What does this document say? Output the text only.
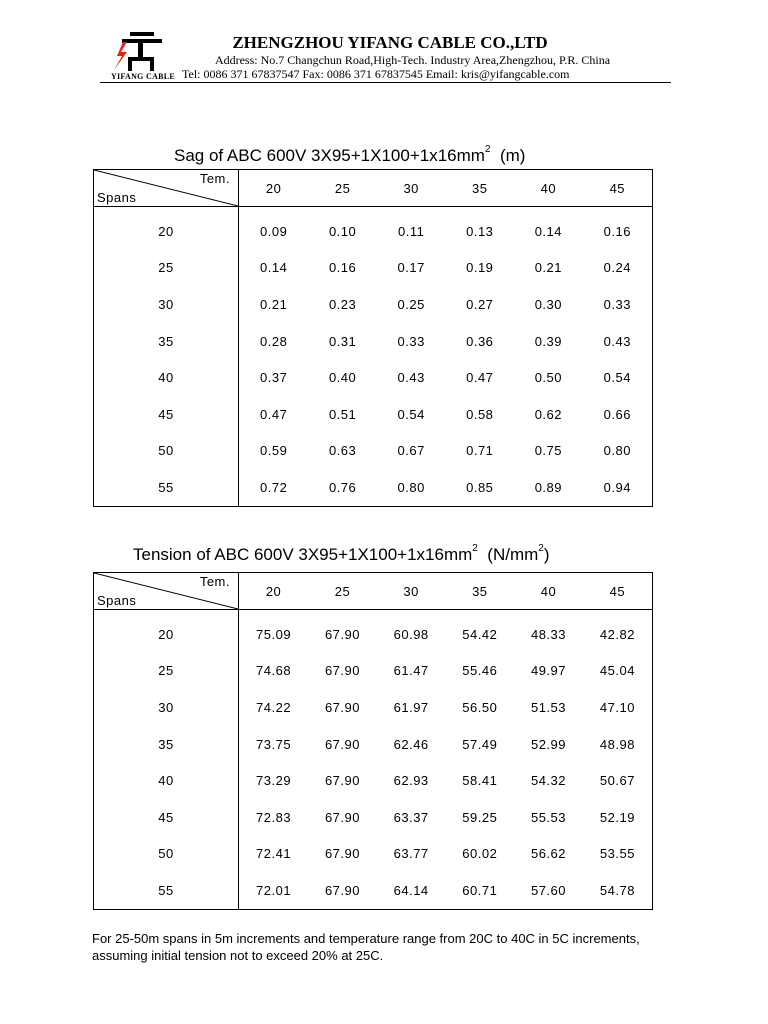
YIFANG CABLE
ZHENGZHOU YIFANG CABLE CO.,LTD
Address: No.7 Changchun Road,High-Tech. Industry Area,Zhengzhou, P.R. China
Tel: 0086 371 67837547 Fax: 0086 371 67837545 Email: kris@yifangcable.com
Sag of ABC 600V $3X95+1X100+1x16mm^2$  (m)
Tem.
Spans	20	25	30	35	40	45
20	0.09	0.10	0.11	0.13	0.14	0.16
25	0.14	0.16	0.17	0.19	0.21	0.24
30	0.21	0.23	0.25	0.27	0.30	0.33
35	0.28	0.31	0.33	0.36	0.39	0.43
40	0.37	0.40	0.43	0.47	0.50	0.54
45	0.47	0.51	0.54	0.58	0.62	0.66
50	0.59	0.63	0.67	0.71	0.75	0.80
55	0.72	0.76	0.80	0.85	0.89	0.94
Tension of ABC 600V $3X95+1X100+1x16mm^2$  $(N/mm^2)$
Tem.
Spans	20	25	30	35	40	45
20	75.09	67.90	60.98	54.42	48.33	42.82
25	74.68	67.90	61.47	55.46	49.97	45.04
30	74.22	67.90	61.97	56.50	51.53	47.10
35	73.75	67.90	62.46	57.49	52.99	48.98
40	73.29	67.90	62.93	58.41	54.32	50.67
45	72.83	67.90	63.37	59.25	55.53	52.19
50	72.41	67.90	63.77	60.02	56.62	53.55
55	72.01	67.90	64.14	60.71	57.60	54.78
For 25-50m spans in 5m increments and temperature range from 20C to 40C in 5C increments, assuming initial tension not to exceed 20% at 25C.
